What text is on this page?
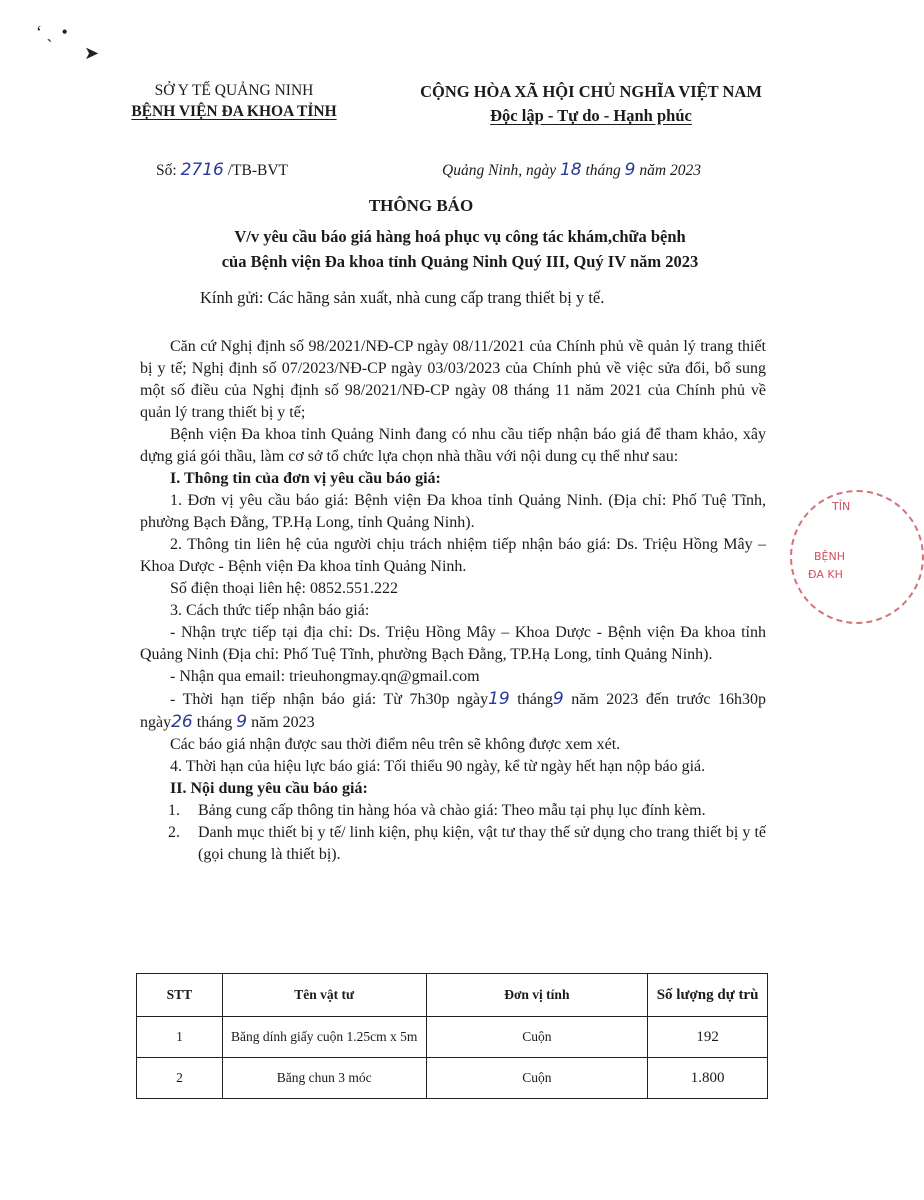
‘ ˏ  •
➤
SỞ Y TẾ QUẢNG NINH
BỆNH VIỆN ĐA KHOA TỈNH
CỘNG HÒA XÃ HỘI CHỦ NGHĨA VIỆT NAM
Độc lập - Tự do - Hạnh phúc
Số: 2716 /TB-BVT	Quảng Ninh, ngày 18 tháng 9 năm 2023
THÔNG BÁO
V/v yêu cầu báo giá hàng hoá phục vụ công tác khám,chữa bệnh
của Bệnh viện Đa khoa tỉnh Quảng Ninh Quý III, Quý IV năm 2023
Kính gửi: Các hãng sản xuất, nhà cung cấp trang thiết bị y tế.

Căn cứ Nghị định số 98/2021/NĐ-CP ngày 08/11/2021 của Chính phủ về quản lý trang thiết bị y tế; Nghị định số 07/2023/NĐ-CP ngày 03/03/2023 của Chính phủ về việc sửa đổi, bổ sung một số điều của Nghị định số 98/2021/NĐ-CP ngày 08 tháng 11 năm 2021 của Chính phủ về quản lý trang thiết bị y tế;

Bệnh viện Đa khoa tỉnh Quảng Ninh đang có nhu cầu tiếp nhận báo giá để tham khảo, xây dựng giá gói thầu, làm cơ sở tổ chức lựa chọn nhà thầu với nội dung cụ thể như sau:

I. Thông tin của đơn vị yêu cầu báo giá:

1. Đơn vị yêu cầu báo giá: Bệnh viện Đa khoa tỉnh Quảng Ninh. (Địa chỉ: Phố Tuệ Tĩnh, phường Bạch Đằng, TP.Hạ Long, tỉnh Quảng Ninh).

2. Thông tin liên hệ của người chịu trách nhiệm tiếp nhận báo giá: Ds. Triệu Hồng Mây – Khoa Dược - Bệnh viện Đa khoa tỉnh Quảng Ninh.

Số điện thoại liên hệ: 0852.551.222

3. Cách thức tiếp nhận báo giá:

- Nhận trực tiếp tại địa chỉ: Ds. Triệu Hồng Mây – Khoa Dược - Bệnh viện Đa khoa tỉnh Quảng Ninh (Địa chỉ: Phố Tuệ Tĩnh, phường Bạch Đằng, TP.Hạ Long, tỉnh Quảng Ninh).

- Nhận qua email: trieuhongmay.qn@gmail.com

- Thời hạn tiếp nhận báo giá: Từ 7h30p ngày19 tháng9 năm 2023 đến trước 16h30p ngày26 tháng 9 năm 2023

Các báo giá nhận được sau thời điểm nêu trên sẽ không được xem xét.

4. Thời hạn của hiệu lực báo giá: Tối thiểu 90 ngày, kể từ ngày hết hạn nộp báo giá.

II. Nội dung yêu cầu báo giá:

1.	Bảng cung cấp thông tin hàng hóa và chào giá: Theo mẫu tại phụ lục đính kèm.
2.	Danh mục thiết bị y tế/ linh kiện, phụ kiện, vật tư thay thế sử dụng cho trang thiết bị y tế (gọi chung là thiết bị).
STT	Tên vật tư	Đơn vị tính	Số lượng dự trù
1	Băng dính giấy cuộn 1.25cm x 5m	Cuộn	192
2	Băng chun 3 móc	Cuộn	1.800
TỈN
BỆNH
ĐA KH
